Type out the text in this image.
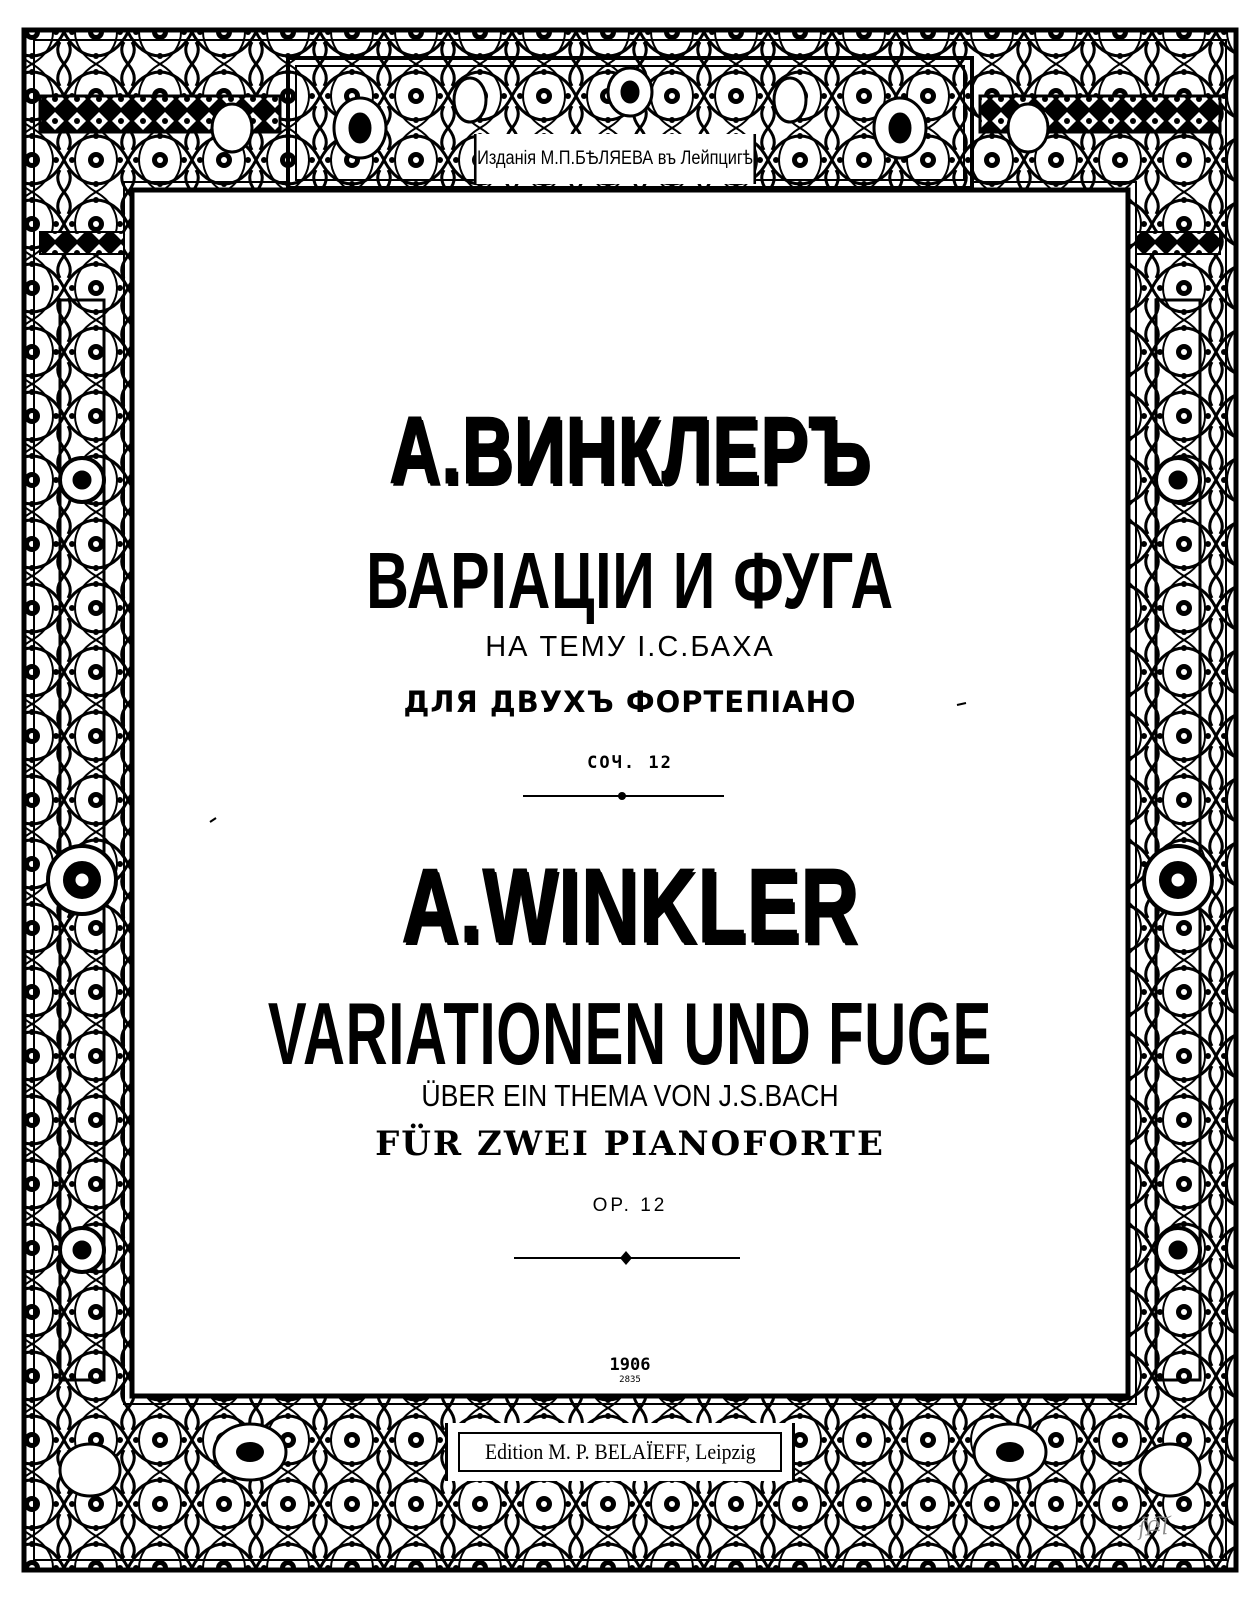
Изданія М.П.БѢЛЯЕВА въ Лейпцигѣ
А.ВИНКЛЕРЪ
ВАРІАЦІИ И ФУГА
НА ТЕМУ І.С.БАХА
ДЛЯ ДВУХЪ ФОРТЕПІАНО
СОЧ. 12
A.WINKLER
VARIATIONEN UND FUGE
ÜBER EIN THEMA VON J.S.BACH
FÜR ZWEI PIANOFORTE
OP. 12
1906
2835
Edition M. P. BELAÏEFF, Leipzig
ſ̃Բ͠ⅼ
